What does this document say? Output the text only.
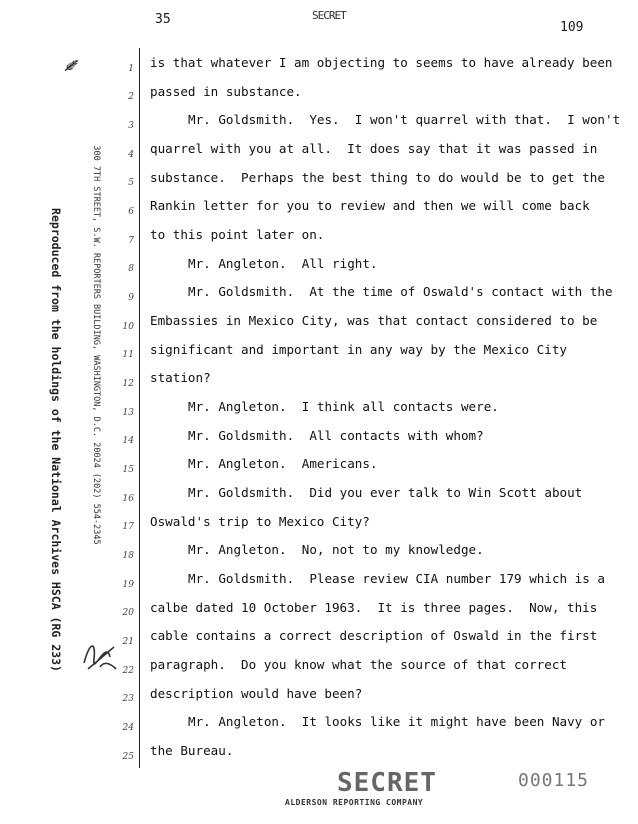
35	SECRET
109
⸙
Reproduced from the holdings of the National Archives HSCA (RG 233)	300 7TH STREET, S.W. REPORTERS BUILDING, WASHINGTON, D.C. 20024 (202) 554-2345
1 is that whatever I am objecting to seems to have already been
2 passed in substance.
3	Mr. Goldsmith.  Yes.  I won't quarrel with that.  I won't
4 quarrel with you at all.  It does say that it was passed in
5 substance.  Perhaps the best thing to do would be to get the
6 Rankin letter for you to review and then we will come back
7 to this point later on.
8	Mr. Angleton.  All right.
9	Mr. Goldsmith.  At the time of Oswald's contact with the
10 Embassies in Mexico City, was that contact considered to be
11 significant and important in any way by the Mexico City
12 station?
13	Mr. Angleton.  I think all contacts were.
14	Mr. Goldsmith.  All contacts with whom?
15	Mr. Angleton.  Americans.
16	Mr. Goldsmith.  Did you ever talk to Win Scott about
17 Oswald's trip to Mexico City?
18	Mr. Angleton.  No, not to my knowledge.
19	Mr. Goldsmith.  Please review CIA number 179 which is a
20 calbe dated 10 October 1963.  It is three pages.  Now, this
21 cable contains a correct description of Oswald in the first
22 paragraph.  Do you know what the source of that correct
23 description would have been?
24	Mr. Angleton.  It looks like it might have been Navy or
25 the Bureau.
SECRET	000115
ALDERSON REPORTING COMPANY
